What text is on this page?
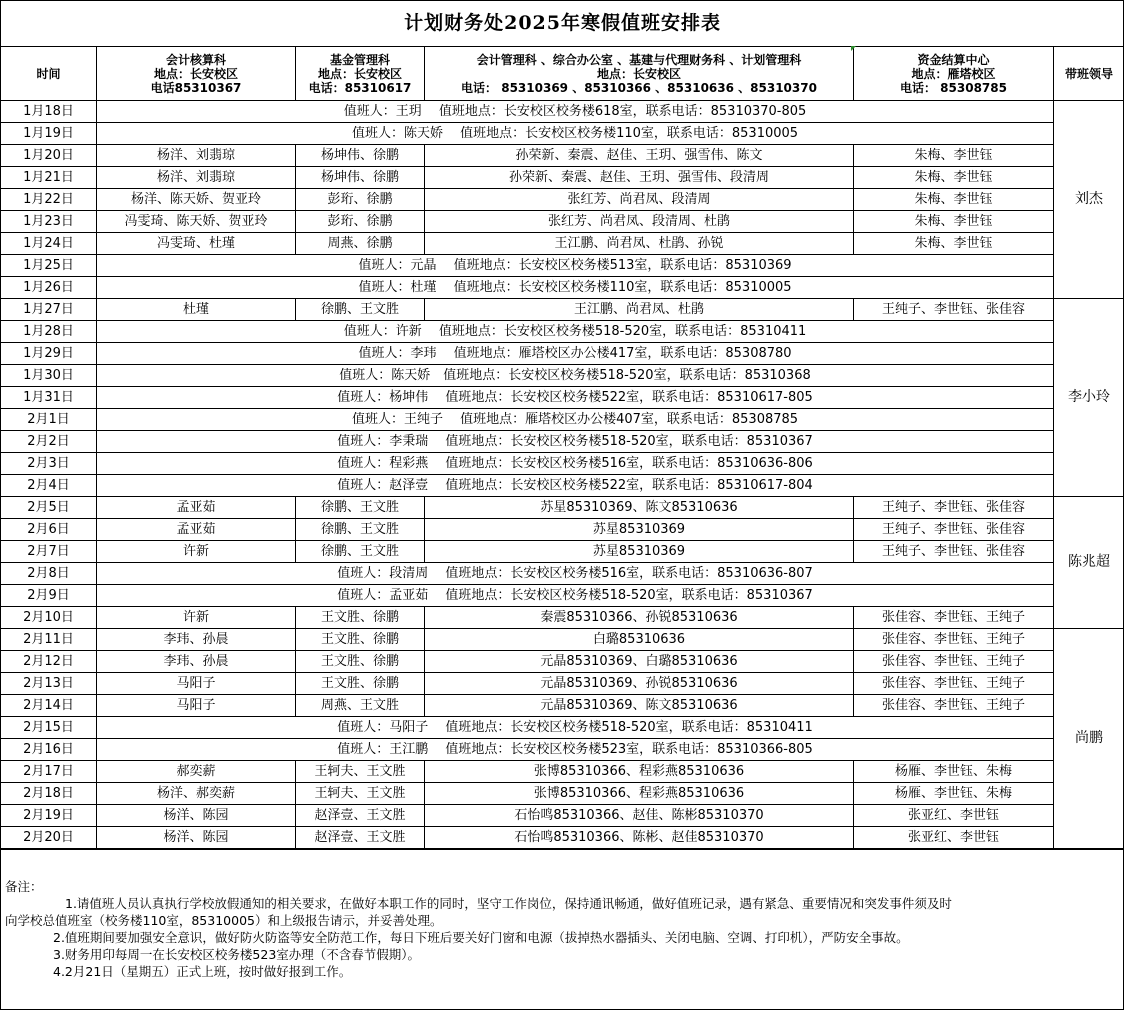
计划财务处2025年寒假值班安排表					
时间	会计核算科
地点：长安校区
电话85310367	基金管理科
地点：长安校区
电话：85310617	会计管理科 、综合办公室 、基建与代理财务科 、计划管理科
地点：长安校区
电话： 85310369 、85310366 、85310636 、85310370	资金结算中心
地点：雁塔校区
电话： 85308785	带班领导
1月18日	值班人：王玥　 值班地点：长安校区校务楼618室，联系电话：85310370-805				刘杰
1月19日	值班人：陈天娇　 值班地点：长安校区校务楼110室，联系电话：85310005				
1月20日	杨洋、刘翡琼	杨坤伟、徐鹏	孙荣新、秦震、赵佳、王玥、强雪伟、陈文	朱梅、李世钰	
1月21日	杨洋、刘翡琼	杨坤伟、徐鹏	孙荣新、秦震、赵佳、王玥、强雪伟、段清周	朱梅、李世钰	
1月22日	杨洋、陈天娇、贺亚玲	彭珩、徐鹏	张红芳、尚君凤、段清周	朱梅、李世钰	
1月23日	冯雯琦、陈天娇、贺亚玲	彭珩、徐鹏	张红芳、尚君凤、段清周、杜鹃	朱梅、李世钰	
1月24日	冯雯琦、杜瑾	周燕、徐鹏	王江鹏、尚君凤、杜鹃、孙锐	朱梅、李世钰	
1月25日	值班人：元晶　 值班地点：长安校区校务楼513室，联系电话：85310369				
1月26日	值班人：杜瑾　 值班地点：长安校区校务楼110室，联系电话：85310005				
1月27日	杜瑾	徐鹏、王文胜	王江鹏、尚君凤、杜鹃	王纯子、李世钰、张佳容	李小玲
1月28日	值班人：许新　 值班地点：长安校区校务楼518-520室，联系电话：85310411				
1月29日	值班人：李玮　 值班地点：雁塔校区办公楼417室，联系电话：85308780				
1月30日	值班人：陈天娇　值班地点：长安校区校务楼518-520室，联系电话：85310368				
1月31日	值班人：杨坤伟　 值班地点：长安校区校务楼522室，联系电话：85310617-805				
2月1日	值班人：王纯子　 值班地点：雁塔校区办公楼407室，联系电话：85308785				
2月2日	值班人：李秉瑞　 值班地点：长安校区校务楼518-520室，联系电话：85310367				
2月3日	值班人：程彩燕　 值班地点：长安校区校务楼516室，联系电话：85310636-806				
2月4日	值班人：赵泽壹　 值班地点：长安校区校务楼522室，联系电话：85310617-804				
2月5日	孟亚茹	徐鹏、王文胜	苏星85310369、陈文85310636	王纯子、李世钰、张佳容	陈兆超
2月6日	孟亚茹	徐鹏、王文胜	苏星85310369	王纯子、李世钰、张佳容	
2月7日	许新	徐鹏、王文胜	苏星85310369	王纯子、李世钰、张佳容	
2月8日	值班人：段清周　 值班地点：长安校区校务楼516室，联系电话：85310636-807				
2月9日	值班人：孟亚茹　 值班地点：长安校区校务楼518-520室，联系电话：85310367				
2月10日	许新	王文胜、徐鹏	秦震85310366、孙锐85310636	张佳容、李世钰、王纯子	
2月11日	李玮、孙晨	王文胜、徐鹏	白璐85310636	张佳容、李世钰、王纯子	尚鹏
2月12日	李玮、孙晨	王文胜、徐鹏	元晶85310369、白璐85310636	张佳容、李世钰、王纯子	
2月13日	马阳子	王文胜、徐鹏	元晶85310369、孙锐85310636	张佳容、李世钰、王纯子	
2月14日	马阳子	周燕、王文胜	元晶85310369、陈文85310636	张佳容、李世钰、王纯子	
2月15日	值班人：马阳子　 值班地点：长安校区校务楼518-520室，联系电话：85310411				
2月16日	值班人：王江鹏　 值班地点：长安校区校务楼523室，联系电话：85310366-805				
2月17日	郝奕薪	王轲夫、王文胜	张博85310366、程彩燕85310636	杨雁、李世钰、朱梅	
2月18日	杨洋、郝奕薪	王轲夫、王文胜	张博85310366、程彩燕85310636	杨雁、李世钰、朱梅	
2月19日	杨洋、陈园	赵泽壹、王文胜	石怡鸣85310366、赵佳、陈彬85310370	张亚红、李世钰	
2月20日	杨洋、陈园	赵泽壹、王文胜	石怡鸣85310366、陈彬、赵佳85310370	张亚红、李世钰	
备注：
1.请值班人员认真执行学校放假通知的相关要求，在做好本职工作的同时，坚守工作岗位，保持通讯畅通，做好值班记录，遇有紧急、重要情况和突发事件须及时
向学校总值班室（校务楼110室，85310005）和上级报告请示，并妥善处理。
2.值班期间要加强安全意识，做好防火防盗等安全防范工作，每日下班后要关好门窗和电源（拔掉热水器插头、关闭电脑、空调、打印机），严防安全事故。
3.财务用印每周一在长安校区校务楼523室办理（不含春节假期）。
4.2月21日（星期五）正式上班，按时做好报到工作。
